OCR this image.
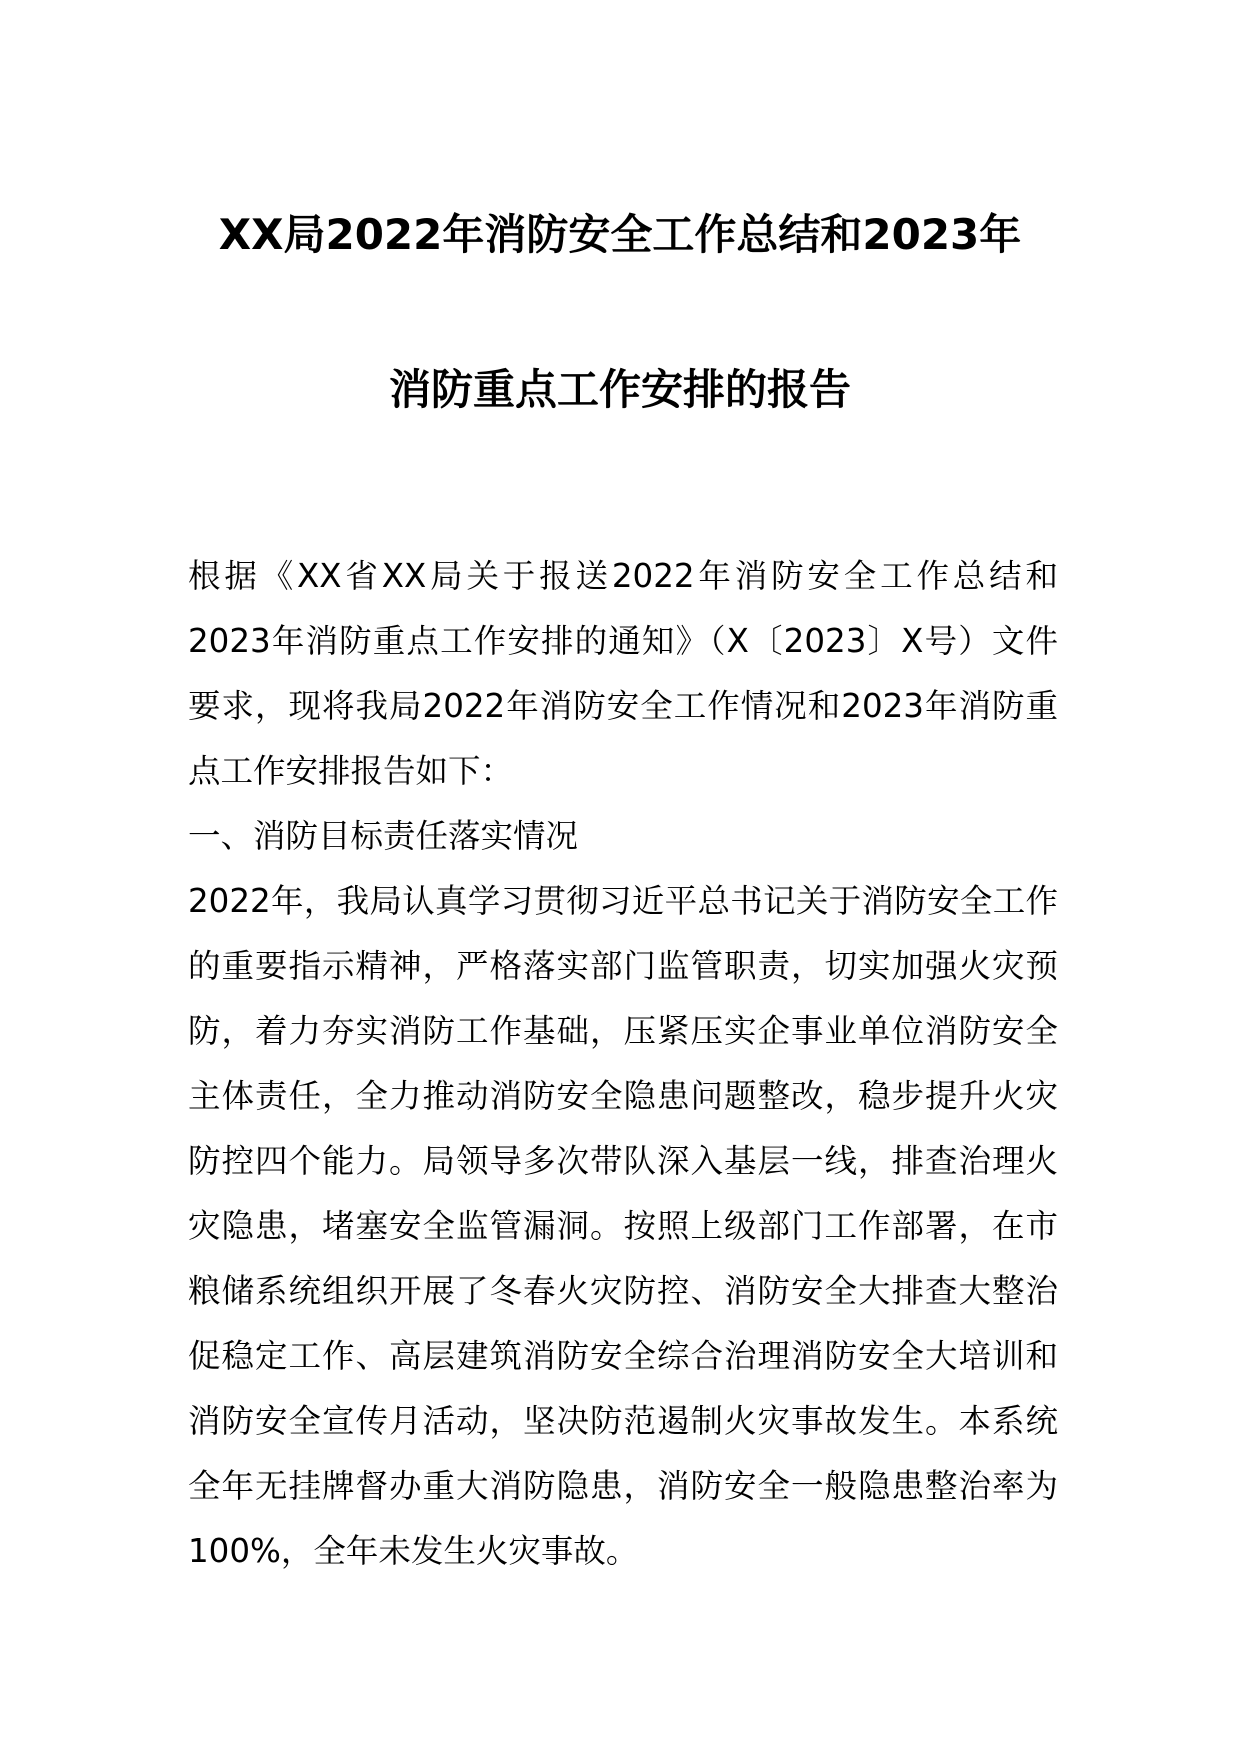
XX局2022年消防安全工作总结和2023年
消防重点工作安排的报告

根据《XX省XX局关于报送2022年消防安全工作总结和2023年消防重点工作安排的通知》（X〔2023〕X号）文件要求，现将我局2022年消防安全工作情况和2023年消防重点工作安排报告如下：

一、消防目标责任落实情况

2022年，我局认真学习贯彻习近平总书记关于消防安全工作的重要指示精神，严格落实部门监管职责，切实加强火灾预防，着力夯实消防工作基础，压紧压实企事业单位消防安全主体责任，全力推动消防安全隐患问题整改，稳步提升火灾防控四个能力。局领导多次带队深入基层一线，排查治理火灾隐患，堵塞安全监管漏洞。按照上级部门工作部署，在市粮储系统组织开展了冬春火灾防控、消防安全大排查大整治促稳定工作、高层建筑消防安全综合治理消防安全大培训和消防安全宣传月活动，坚决防范遏制火灾事故发生。本系统全年无挂牌督办重大消防隐患，消防安全一般隐患整治率为100%，全年未发生火灾事故。
